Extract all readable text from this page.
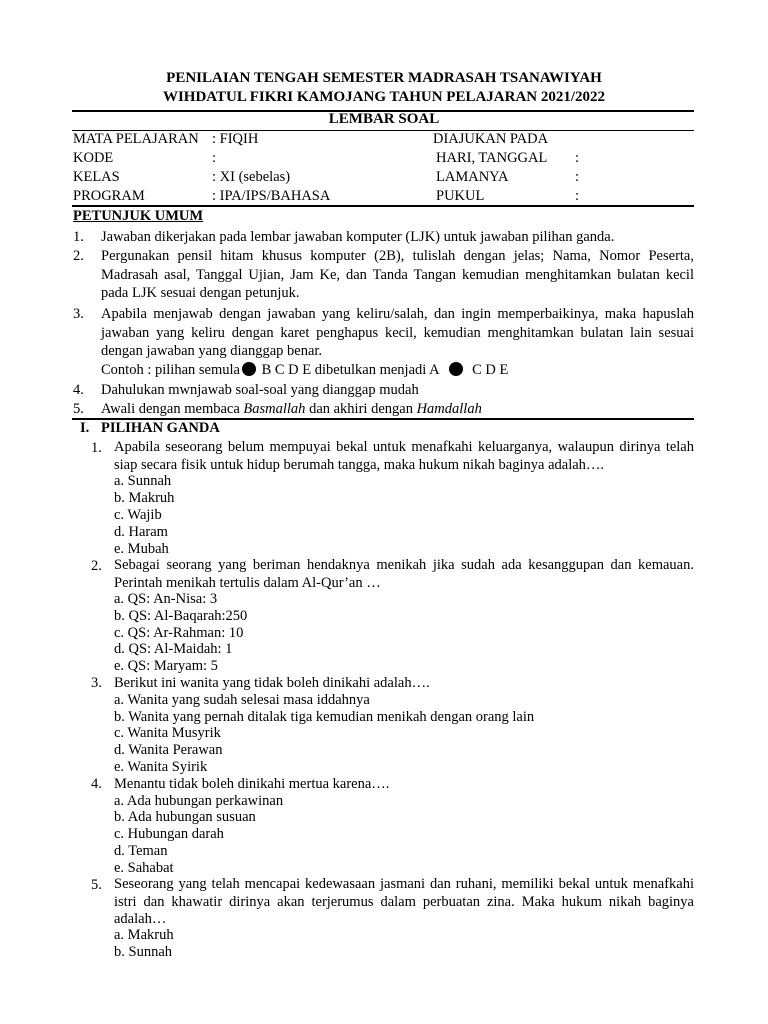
PENILAIAN TENGAH SEMESTER MADRASAH TSANAWIYAH
WIHDATUL FIKRI KAMOJANG TAHUN PELAJARAN 2021/2022
LEMBAR SOAL
MATA PELAJARAN : FIQIH	DIAJUKAN PADA
KODE	:	HARI, TANGGAL :
KELAS	: XI (sebelas)	LAMANYA	:
PROGRAM	: IPA/IPS/BAHASA	PUKUL	:
PETUNJUK UMUM
1. Jawaban dikerjakan pada lembar jawaban komputer (LJK) untuk jawaban pilihan ganda.
2. Pergunakan pensil hitam khusus komputer (2B), tulislah dengan jelas; Nama, Nomor Peserta, Madrasah asal, Tanggal Ujian, Jam Ke, dan Tanda Tangan kemudian menghitamkan bulatan kecil pada LJK sesuai dengan petunjuk.
3. Apabila menjawab dengan jawaban yang keliru/salah, dan ingin memperbaikinya, maka hapuslah jawaban yang keliru dengan karet penghapus kecil, kemudian menghitamkan bulatan lain sesuai dengan jawaban yang dianggap benar.
Contoh : pilihan semula B C D E dibetulkan menjadi A C D E
4. Dahulukan mwnjawab soal-soal yang dianggap mudah
5. Awali dengan membaca Basmallah dan akhiri dengan Hamdallah
I. PILIHAN GANDA
1. Apabila seseorang belum mempuyai bekal untuk menafkahi keluarganya, walaupun dirinya telah siap secara fisik untuk hidup berumah tangga, maka hukum nikah baginya adalah….
a. Sunnah
b. Makruh
c. Wajib
d. Haram
e. Mubah
2. Sebagai seorang yang beriman hendaknya menikah jika sudah ada kesanggupan dan kemauan. Perintah menikah tertulis dalam Al-Qur’an …
a. QS: An-Nisa: 3
b. QS: Al-Baqarah:250
c. QS: Ar-Rahman: 10
d. QS: Al-Maidah: 1
e. QS: Maryam: 5
3. Berikut ini wanita yang tidak boleh dinikahi adalah….
a. Wanita yang sudah selesai masa iddahnya
b. Wanita yang pernah ditalak tiga kemudian menikah dengan orang lain
c. Wanita Musyrik
d. Wanita Perawan
e. Wanita Syirik
4. Menantu tidak boleh dinikahi mertua karena….
a. Ada hubungan perkawinan
b. Ada hubungan susuan
c. Hubungan darah
d. Teman
e. Sahabat
5. Seseorang yang telah mencapai kedewasaan jasmani dan ruhani, memiliki bekal untuk menafkahi istri dan khawatir dirinya akan terjerumus dalam perbuatan zina. Maka hukum nikah baginya adalah…
a. Makruh
b. Sunnah
